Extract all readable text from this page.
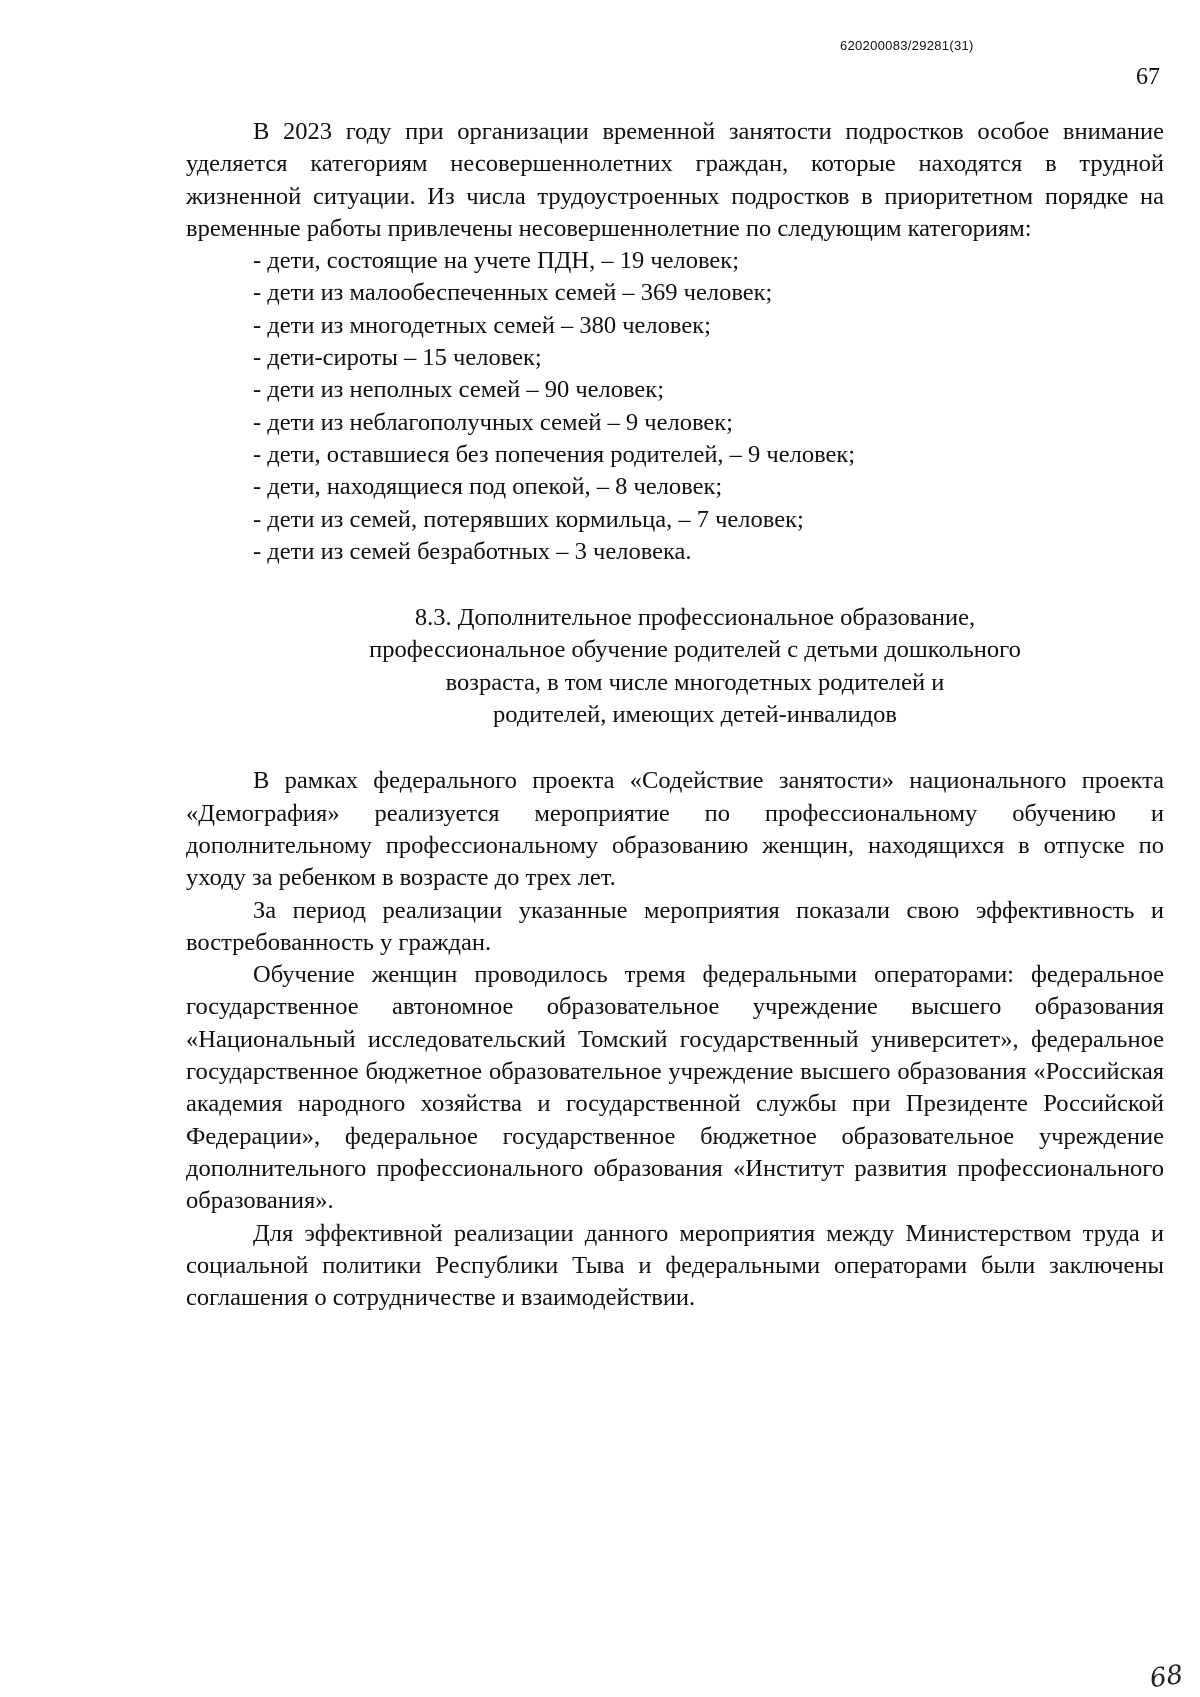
620200083/29281(31)
67

В 2023 году при организации временной занятости подростков особое внимание уделяется категориям несовершеннолетних граждан, которые находятся в трудной жизненной ситуации. Из числа трудоустроенных подростков в приоритетном порядке на временные работы привлечены несовершеннолетние по следующим категориям:

- дети, состоящие на учете ПДН, – 19 человек;
- дети из малообеспеченных семей – 369 человек;
- дети из многодетных семей – 380 человек;
- дети-сироты – 15 человек;
- дети из неполных семей – 90 человек;
- дети из неблагополучных семей – 9 человек;
- дети, оставшиеся без попечения родителей, – 9 человек;
- дети, находящиеся под опекой, – 8 человек;
- дети из семей, потерявших кормильца, – 7 человек;
- дети из семей безработных – 3 человека.
8.3. Дополнительное профессиональное образование,
профессиональное обучение родителей с детьми дошкольного
возраста, в том числе многодетных родителей и
родителей, имеющих детей-инвалидов

В рамках федерального проекта «Содействие занятости» национального проекта «Демография» реализуется мероприятие по профессиональному обучению и дополнительному профессиональному образованию женщин, находящихся в отпуске по уходу за ребенком в возрасте до трех лет.

За период реализации указанные мероприятия показали свою эффективность и востребованность у граждан.

Обучение женщин проводилось тремя федеральными операторами: федеральное государственное автономное образовательное учреждение высшего образования «Национальный исследовательский Томский государственный университет», федеральное государственное бюджетное образовательное учреждение высшего образования «Российская академия народного хозяйства и государственной службы при Президенте Российской Федерации», федеральное государственное бюджетное образовательное учреждение дополнительного профессионального образования «Институт развития профессионального образования».

Для эффективной реализации данного мероприятия между Министерством труда и социальной политики Республики Тыва и федеральными операторами были заключены соглашения о сотрудничестве и взаимодействии.

68
